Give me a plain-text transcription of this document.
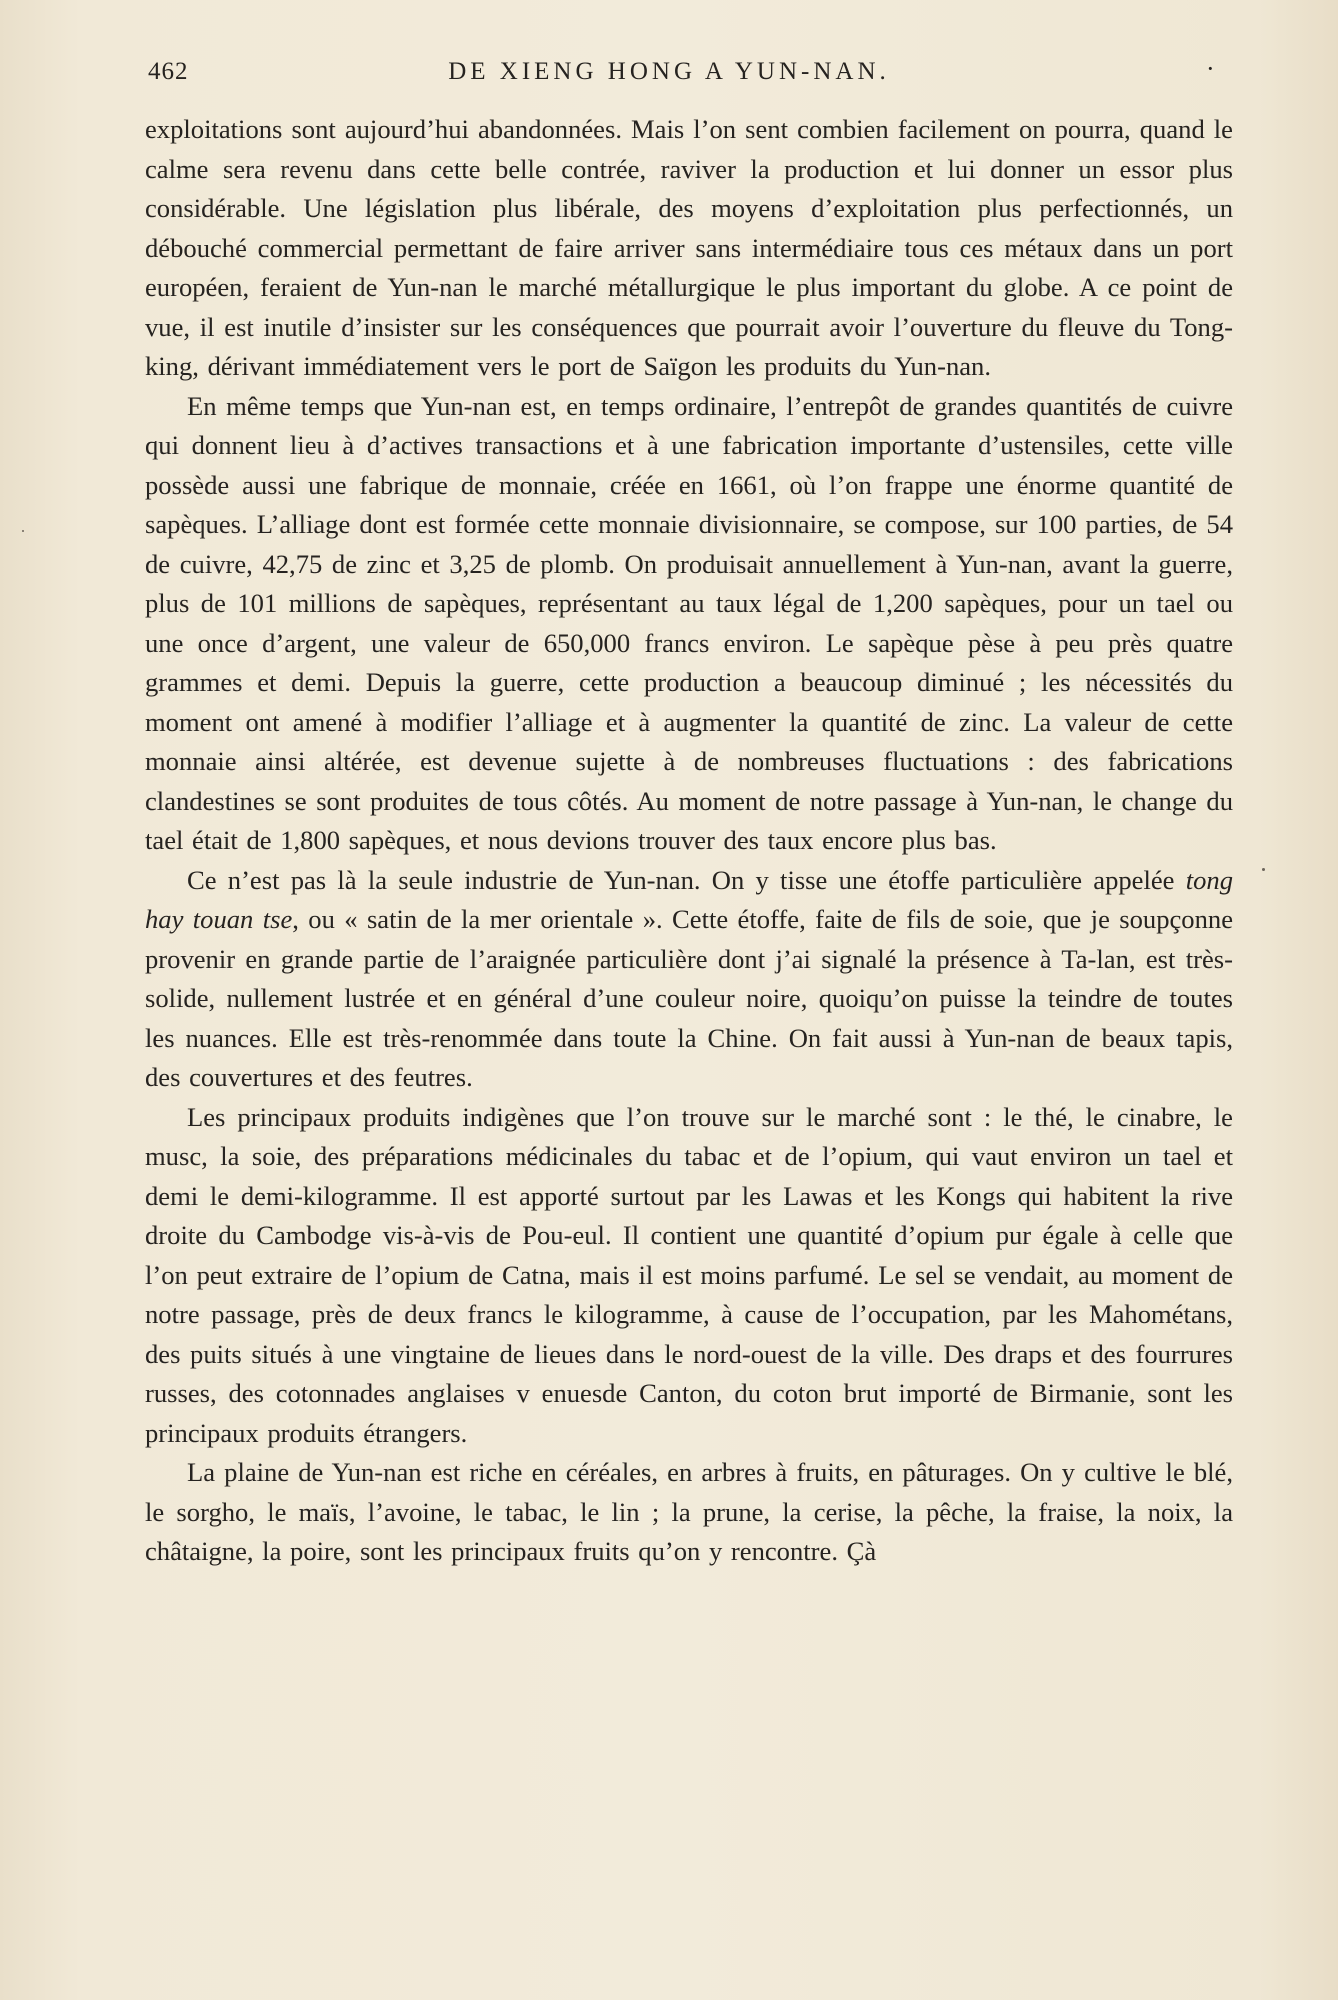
462	DE XIENG HONG A YUN-NAN.	·

exploitations sont aujourd’hui abandonnées. Mais l’on sent combien facilement on pourra, quand le calme sera revenu dans cette belle contrée, raviver la production et lui donner un essor plus considérable. Une législation plus libérale, des moyens d’exploitation plus perfectionnés, un débouché commercial permettant de faire arriver sans intermédiaire tous ces métaux dans un port européen, feraient de Yun-nan le marché métallurgique le plus important du globe. A ce point de vue, il est inutile d’insister sur les conséquences que pourrait avoir l’ouverture du fleuve du Tong-king, dérivant immédiatement vers le port de Saïgon les produits du Yun-nan.

En même temps que Yun-nan est, en temps ordinaire, l’entrepôt de grandes quantités de cuivre qui donnent lieu à d’actives transactions et à une fabrication importante d’ustensiles, cette ville possède aussi une fabrique de monnaie, créée en 1661, où l’on frappe une énorme quantité de sapèques. L’alliage dont est formée cette monnaie divisionnaire, se compose, sur 100 parties, de 54 de cuivre, 42,75 de zinc et 3,25 de plomb. On produisait annuellement à Yun-nan, avant la guerre, plus de 101 millions de sapèques, représentant au taux légal de 1,200 sapèques, pour un tael ou une once d’argent, une valeur de 650,000 francs environ. Le sapèque pèse à peu près quatre grammes et demi. Depuis la guerre, cette production a beaucoup diminué ; les nécessités du moment ont amené à modifier l’alliage et à augmenter la quantité de zinc. La valeur de cette monnaie ainsi altérée, est devenue sujette à de nombreuses fluctuations : des fabrications clandestines se sont produites de tous côtés. Au moment de notre passage à Yun-nan, le change du tael était de 1,800 sapèques, et nous devions trouver des taux encore plus bas.

Ce n’est pas là la seule industrie de Yun-nan. On y tisse une étoffe particulière appelée tong hay touan tse, ou « satin de la mer orientale ». Cette étoffe, faite de fils de soie, que je soupçonne provenir en grande partie de l’araignée particulière dont j’ai signalé la présence à Ta-lan, est très-solide, nullement lustrée et en général d’une couleur noire, quoiqu’on puisse la teindre de toutes les nuances. Elle est très-renommée dans toute la Chine. On fait aussi à Yun-nan de beaux tapis, des couvertures et des feutres.

Les principaux produits indigènes que l’on trouve sur le marché sont : le thé, le cinabre, le musc, la soie, des préparations médicinales du tabac et de l’opium, qui vaut environ un tael et demi le demi-kilogramme. Il est apporté surtout par les Lawas et les Kongs qui habitent la rive droite du Cambodge vis-à-vis de Pou-eul. Il contient une quantité d’opium pur égale à celle que l’on peut extraire de l’opium de Catna, mais il est moins parfumé. Le sel se vendait, au moment de notre passage, près de deux francs le kilogramme, à cause de l’occupation, par les Mahométans, des puits situés à une vingtaine de lieues dans le nord-ouest de la ville. Des draps et des fourrures russes, des cotonnades anglaises v enuesde Canton, du coton brut importé de Birmanie, sont les principaux produits étrangers.

La plaine de Yun-nan est riche en céréales, en arbres à fruits, en pâturages. On y cultive le blé, le sorgho, le maïs, l’avoine, le tabac, le lin ; la prune, la cerise, la pêche, la fraise, la noix, la châtaigne, la poire, sont les principaux fruits qu’on y rencontre. Çà
